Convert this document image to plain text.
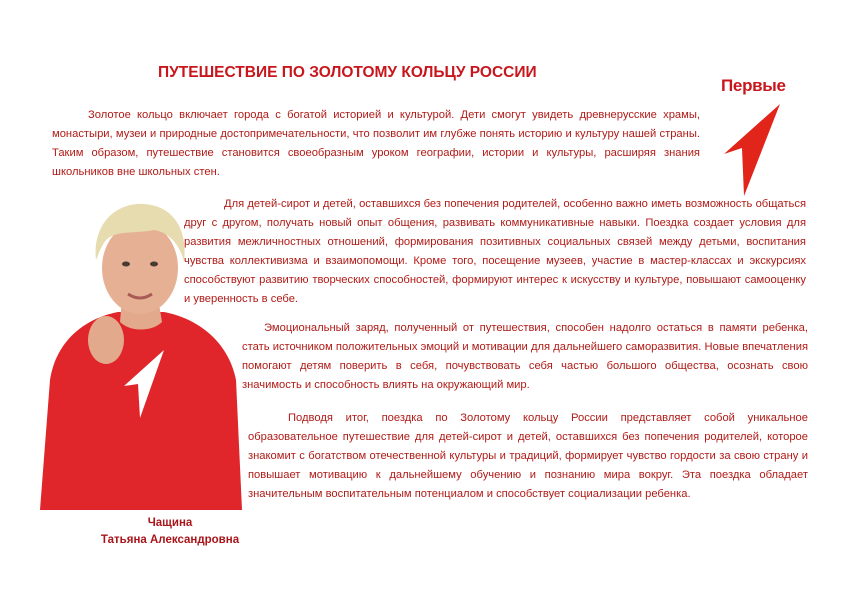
ПУТЕШЕСТВИЕ ПО ЗОЛОТОМУ КОЛЬЦУ РОССИИ
Первые

Золотое кольцо включает города с богатой историей и культурой. Дети смогут увидеть древнерусские храмы, монастыри, музеи и природные достопримечательности, что позволит им глубже понять историю и культуру нашей страны. Таким образом, путешествие становится своеобразным уроком географии, истории и культуры, расширяя знания школьников вне школьных стен.

Для детей-сирот и детей, оставшихся без попечения родителей, особенно важно иметь возможность общаться друг с другом, получать новый опыт общения, развивать коммуникативные навыки. Поездка создает условия для развития межличностных отношений, формирования позитивных социальных связей между детьми, воспитания чувства коллективизма и взаимопомощи. Кроме того, посещение музеев, участие в мастер-классах и экскурсиях способствуют развитию творческих способностей, формируют интерес к искусству и культуре, повышают самооценку и уверенность в себе.

Эмоциональный заряд, полученный от путешествия, способен надолго остаться в памяти ребенка, стать источником положительных эмоций и мотивации для дальнейшего саморазвития. Новые впечатления помогают детям поверить в себя, почувствовать себя частью большого общества, осознать свою значимость и способность влиять на окружающий мир.

Подводя итог, поездка по Золотому кольцу России представляет собой уникальное образовательное путешествие для детей-сирот и детей, оставшихся без попечения родителей, которое знакомит с богатством отечественной культуры и традиций, формирует чувство гордости за свою страну и повышает мотивацию к дальнейшему обучению и познанию мира вокруг. Эта поездка обладает значительным воспитательным потенциалом и способствует социализации ребенка.

Чащина
Татьяна Александровна
